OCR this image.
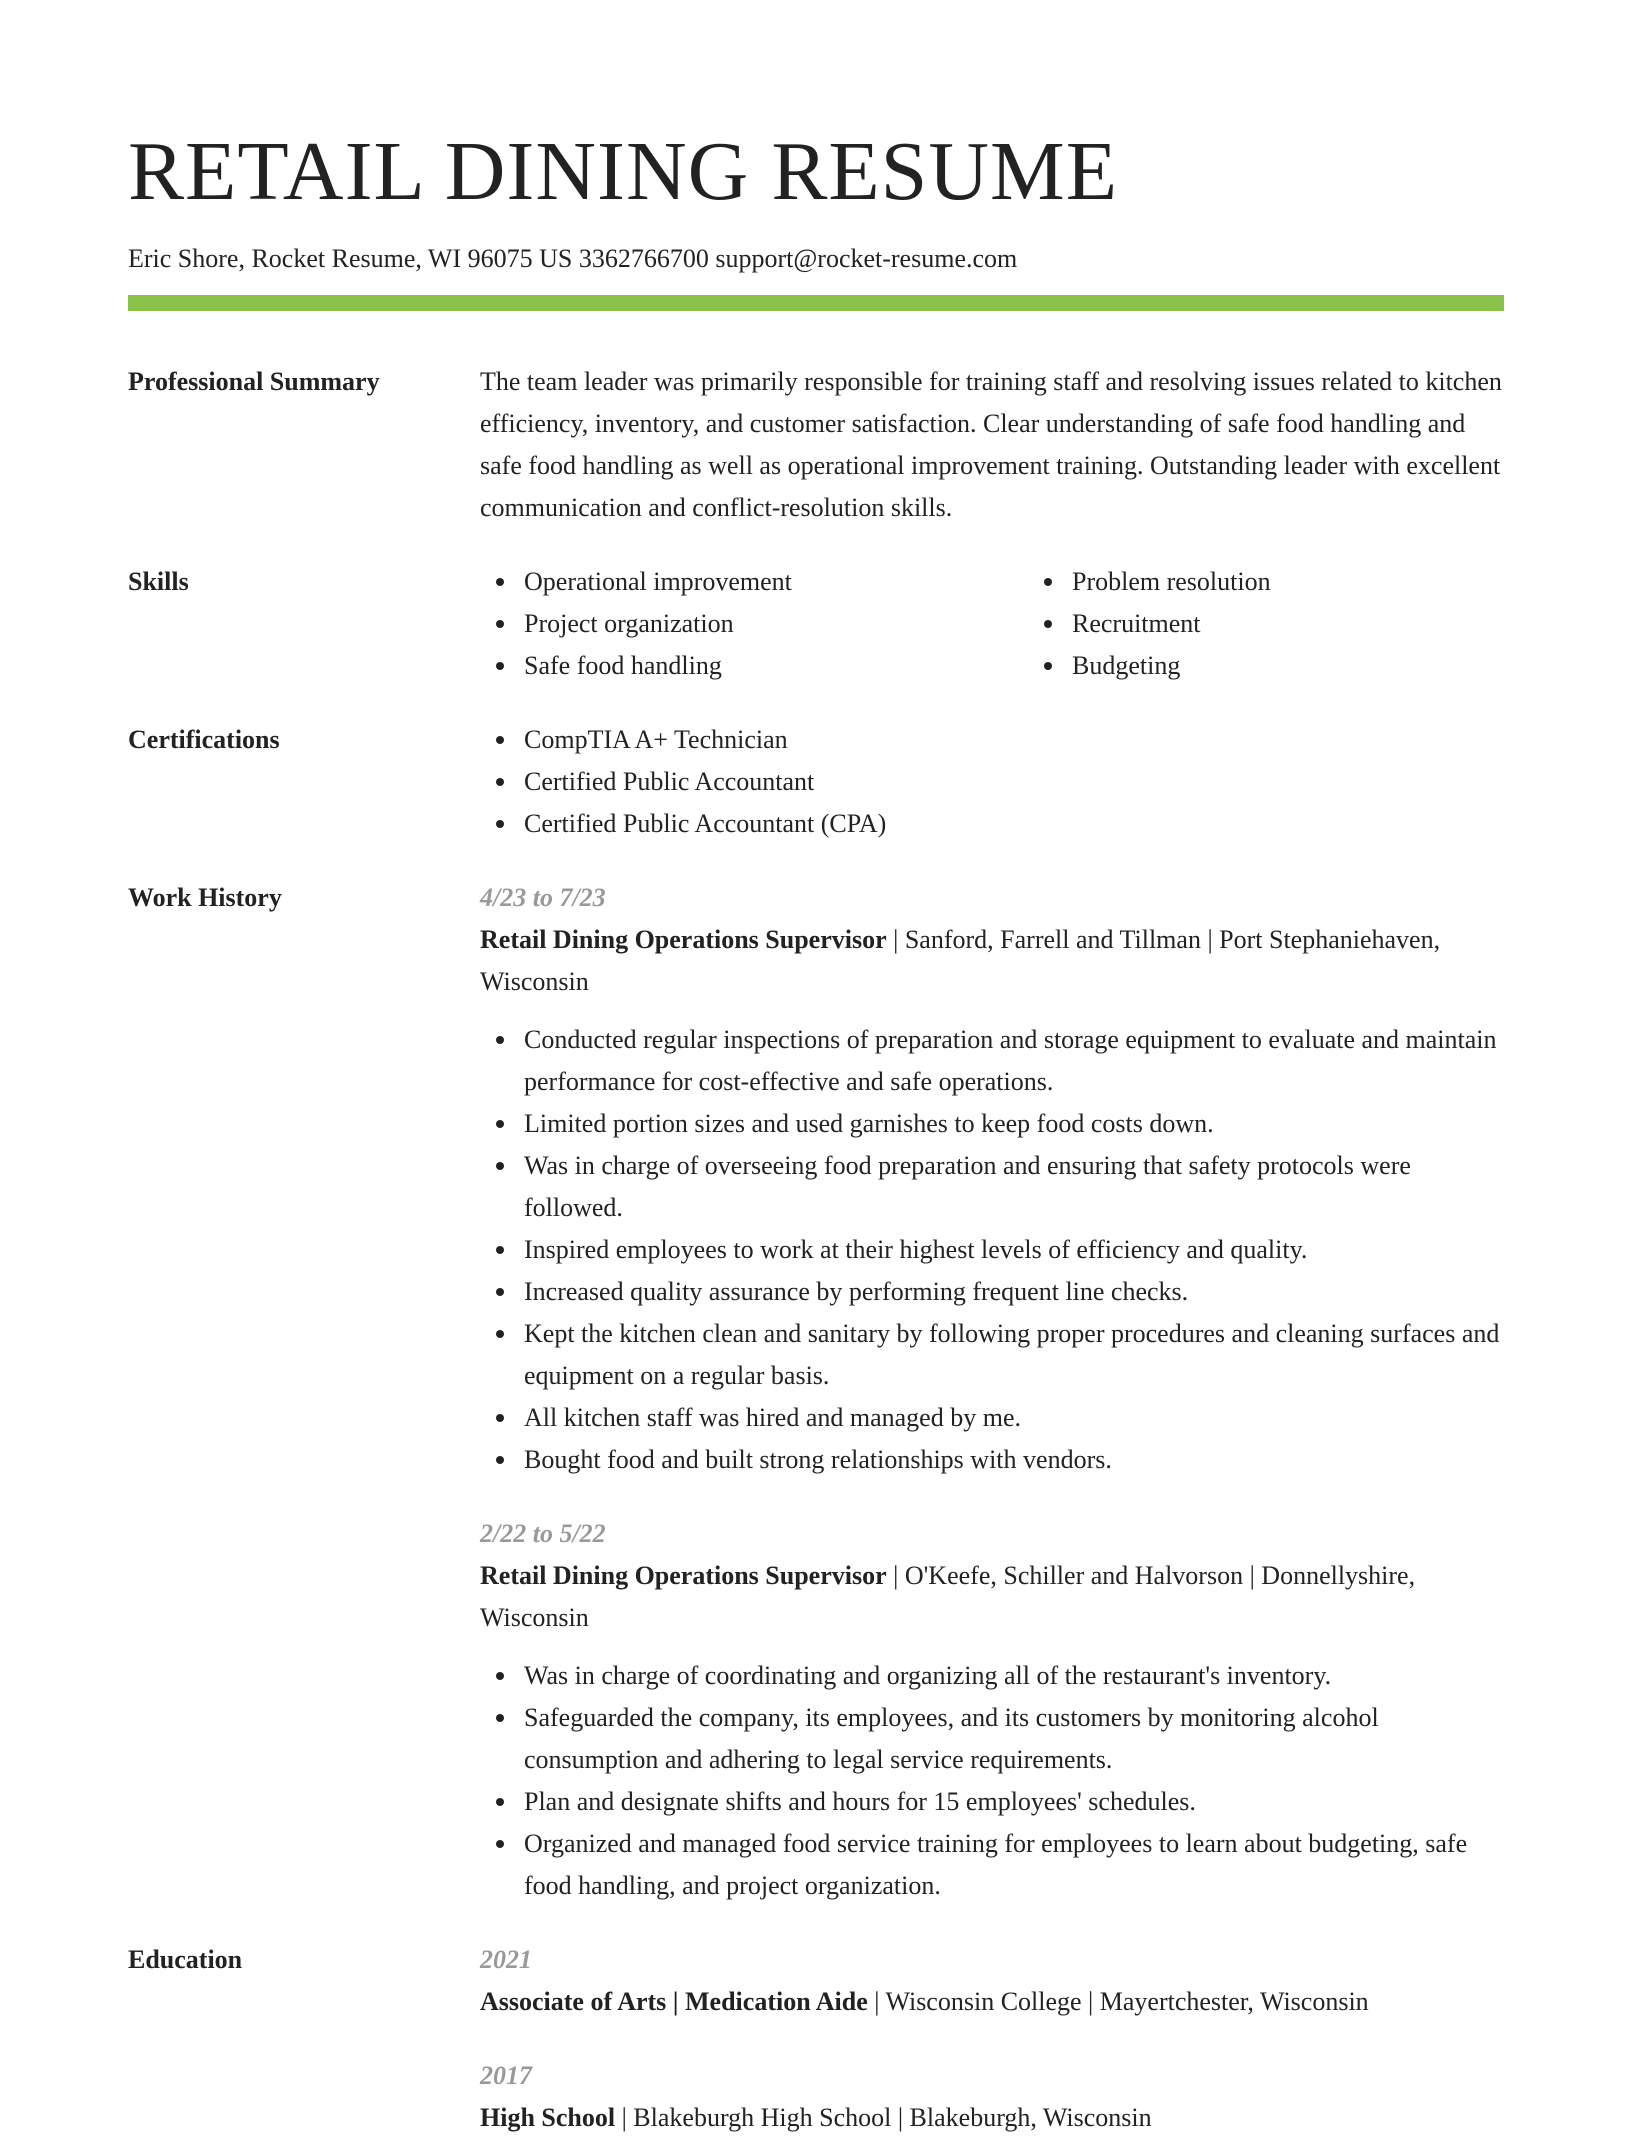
RETAIL DINING RESUME
Eric Shore, Rocket Resume, WI 96075 US 3362766700 support@rocket-resume.com
Professional Summary	The team leader was primarily responsible for training staff and resolving issues related to kitchen efficiency, inventory, and customer satisfaction. Clear understanding of safe food handling and safe food handling as well as operational improvement training. Outstanding leader with excellent communication and conflict-resolution skills.
Skills	Operational improvement
Project organization
Safe food handling
Problem resolution
Recruitment
Budgeting
Certifications	CompTIA A+ Technician
Certified Public Accountant
Certified Public Accountant (CPA)
Work History	4/23 to 7/23
Retail Dining Operations Supervisor | Sanford, Farrell and Tillman | Port Stephaniehaven, Wisconsin
Conducted regular inspections of preparation and storage equipment to evaluate and maintain performance for cost-effective and safe operations.
Limited portion sizes and used garnishes to keep food costs down.
Was in charge of overseeing food preparation and ensuring that safety protocols were followed.
Inspired employees to work at their highest levels of efficiency and quality.
Increased quality assurance by performing frequent line checks.
Kept the kitchen clean and sanitary by following proper procedures and cleaning surfaces and equipment on a regular basis.
All kitchen staff was hired and managed by me.
Bought food and built strong relationships with vendors.
2/22 to 5/22
Retail Dining Operations Supervisor | O'Keefe, Schiller and Halvorson | Donnellyshire, Wisconsin
Was in charge of coordinating and organizing all of the restaurant's inventory.
Safeguarded the company, its employees, and its customers by monitoring alcohol consumption and adhering to legal service requirements.
Plan and designate shifts and hours for 15 employees' schedules.
Organized and managed food service training for employees to learn about budgeting, safe food handling, and project organization.
Education	2021
Associate of Arts | Medication Aide | Wisconsin College | Mayertchester, Wisconsin
2017
High School | Blakeburgh High School | Blakeburgh, Wisconsin
